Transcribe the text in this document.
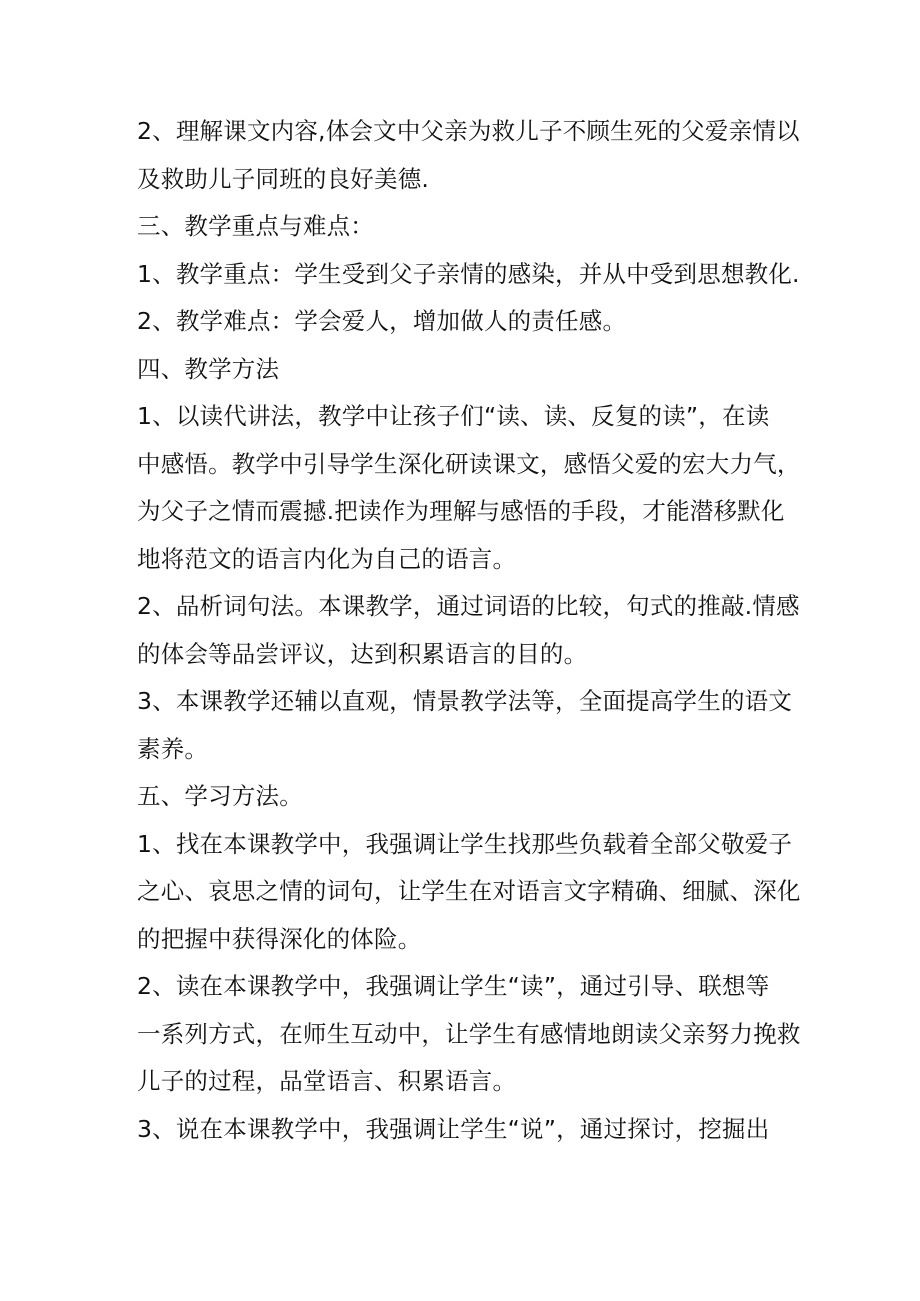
2、理解课文内容,体会文中父亲为救儿子不顾生死的父爱亲情以
及救助儿子同班的良好美德.
三、教学重点与难点：
1、教学重点：学生受到父子亲情的感染，并从中受到思想教化.
2、教学难点：学会爱人，增加做人的责任感。
四、教学方法
1、以读代讲法，教学中让孩子们“读、读、反复的读”，在读
中感悟。教学中引导学生深化研读课文，感悟父爱的宏大力气，
为父子之情而震撼.把读作为理解与感悟的手段，才能潜移默化
地将范文的语言内化为自己的语言。
2、品析词句法。本课教学，通过词语的比较，句式的推敲.情感
的体会等品尝评议，达到积累语言的目的。
3、本课教学还辅以直观，情景教学法等，全面提高学生的语文
素养。
五、学习方法。
1、找在本课教学中，我强调让学生找那些负载着全部父敬爱子
之心、哀思之情的词句，让学生在对语言文字精确、细腻、深化
的把握中获得深化的体险。
2、读在本课教学中，我强调让学生“读”，通过引导、联想等
一系列方式，在师生互动中，让学生有感情地朗读父亲努力挽救
儿子的过程，品堂语言、积累语言。
3、说在本课教学中，我强调让学生“说”，通过探讨，挖掘出
